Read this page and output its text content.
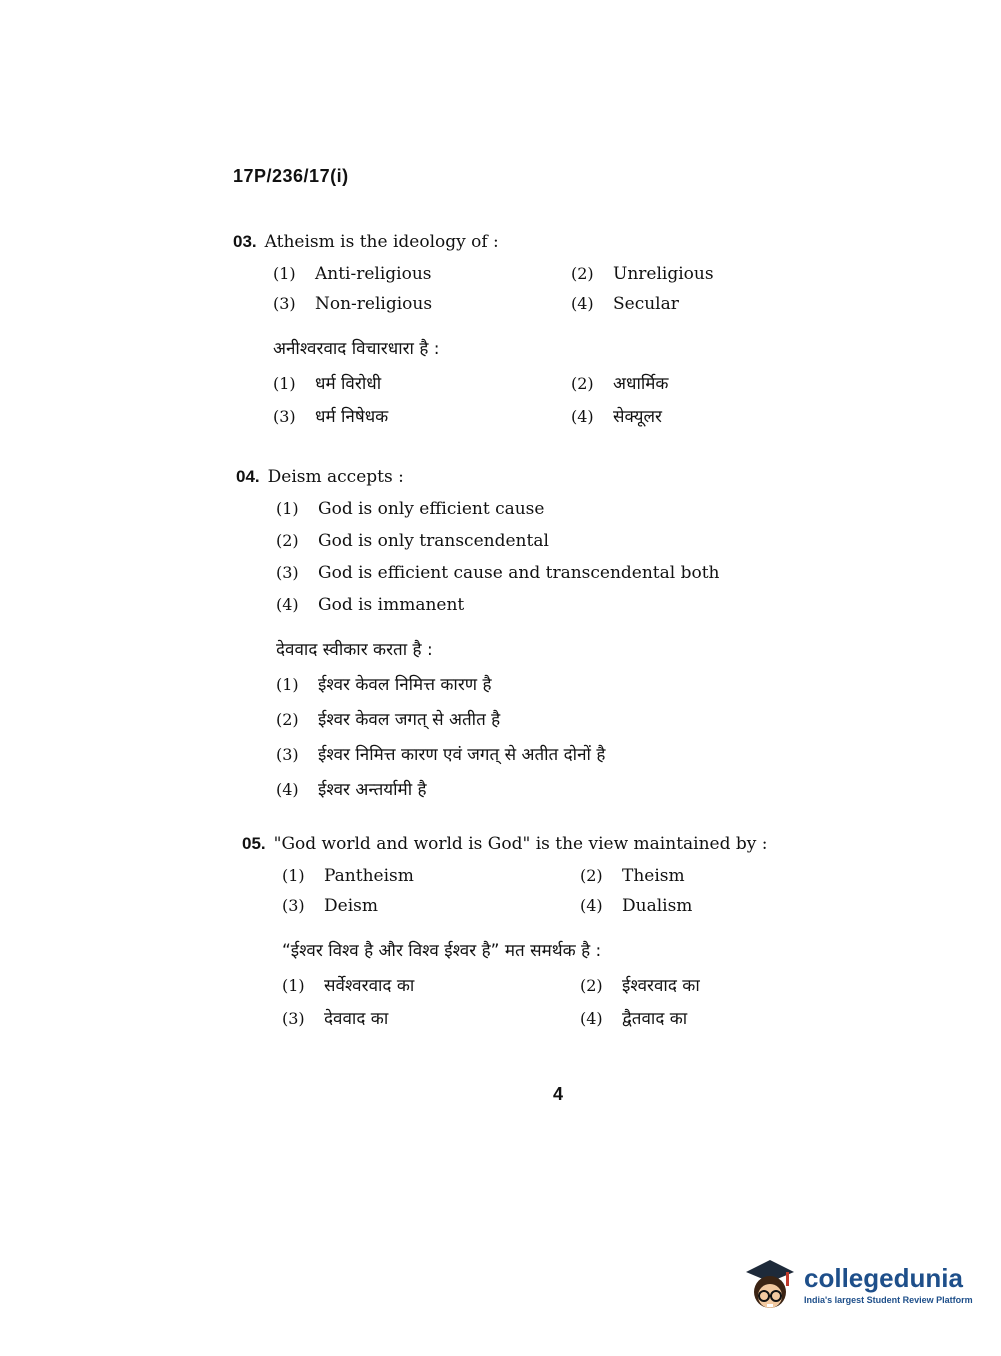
17P/236/17(i)
03. Atheism is the ideology of :
(1)	Anti-religious	(2)	Unreligious
(3)	Non-religious	(4)	Secular
अनीश्वरवाद विचारधारा है :
(1)	धर्म विरोधी	(2)	अधार्मिक
(3)	धर्म निषेधक	(4)	सेक्यूलर
04. Deism accepts :
(1)	God is only efficient cause
(2)	God is only transcendental
(3)	God is efficient cause and transcendental both
(4)	God is immanent
देववाद स्वीकार करता है :
(1)	ईश्वर केवल निमित्त कारण है
(2)	ईश्वर केवल जगत् से अतीत है
(3)	ईश्वर निमित्त कारण एवं जगत् से अतीत दोनों है
(4)	ईश्वर अन्तर्यामी है
05. "God world and world is God" is the view maintained by :
(1)	Pantheism	(2)	Theism
(3)	Deism	(4)	Dualism
“ईश्वर विश्व है और विश्व ईश्वर है” मत समर्थक है :
(1)	सर्वेश्वरवाद का	(2)	ईश्वरवाद का
(3)	देववाद का	(4)	द्वैतवाद का
4
collegedunia
India's largest Student Review Platform
